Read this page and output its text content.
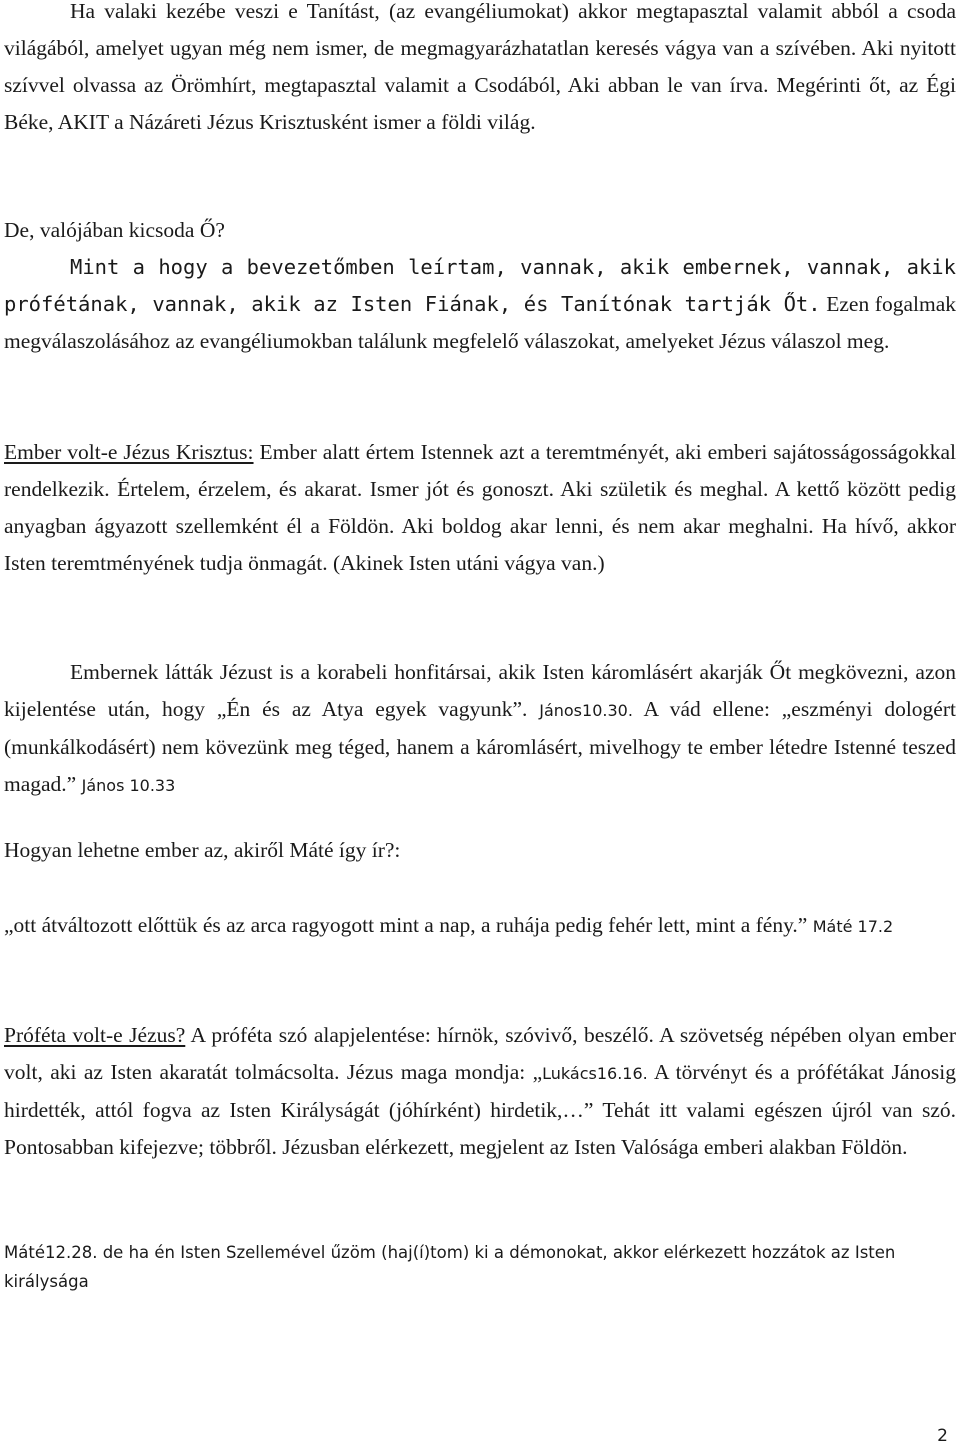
Ha valaki kezébe veszi e Tanítást, (az evangéliumokat) akkor megtapasztal valamit abból a csoda világából, amelyet ugyan még nem ismer, de megmagyarázhatatlan keresés vágya van a szívében. Aki nyitott szívvel olvassa az Örömhírt, megtapasztal valamit a Csodából, Aki abban le van írva. Megérinti őt, az Égi Béke, AKIT a Názáreti Jézus Krisztusként ismer a földi világ.

De, valójában kicsoda Ő?

Mint a hogy a bevezetőmben leírtam, vannak, akik embernek, vannak, akik prófétának, vannak, akik az Isten Fiának, és Tanítónak tartják Őt. Ezen fogalmak megválaszolásához az evangéliumokban találunk megfelelő válaszokat, amelyeket Jézus válaszol meg.

Ember volt-e Jézus Krisztus: Ember alatt értem Istennek azt a teremtményét, aki emberi sajátosságosságokkal rendelkezik. Értelem, érzelem, és akarat. Ismer jót és gonoszt. Aki születik és meghal. A kettő között pedig anyagban ágyazott szellemként él a Földön. Aki boldog akar lenni, és nem akar meghalni. Ha hívő, akkor Isten teremtményének tudja önmagát. (Akinek Isten utáni vágya van.)

Embernek látták Jézust is a korabeli honfitársai, akik Isten káromlásért akarják Őt megkövezni, azon kijelentése után, hogy „Én és az Atya egyek vagyunk”. János10.30. A vád ellene: „eszményi dologért (munkálkodásért) nem kövezünk meg téged, hanem a káromlásért, mivelhogy te ember létedre Istenné teszed magad.” János 10.33

Hogyan lehetne ember az, akiről Máté így ír?:

„ott átváltozott előttük és az arca ragyogott mint a nap, a ruhája pedig fehér lett, mint a fény.” Máté 17.2

Próféta volt-e Jézus? A próféta szó alapjelentése: hírnök, szóvivő, beszélő. A szövetség népében olyan ember volt, aki az Isten akaratát tolmácsolta. Jézus maga mondja: „Lukács16.16. A törvényt és a prófétákat Jánosig hirdették, attól fogva az Isten Királyságát (jóhírként) hirdetik,…” Tehát itt valami egészen újról van szó. Pontosabban kifejezve; többről. Jézusban elérkezett, megjelent az Isten Valósága emberi alakban Földön.

Máté12.28. de ha én Isten Szellemével űzöm (haj(í)tom) ki a démonokat, akkor elérkezett hozzátok az Isten királysága

2
